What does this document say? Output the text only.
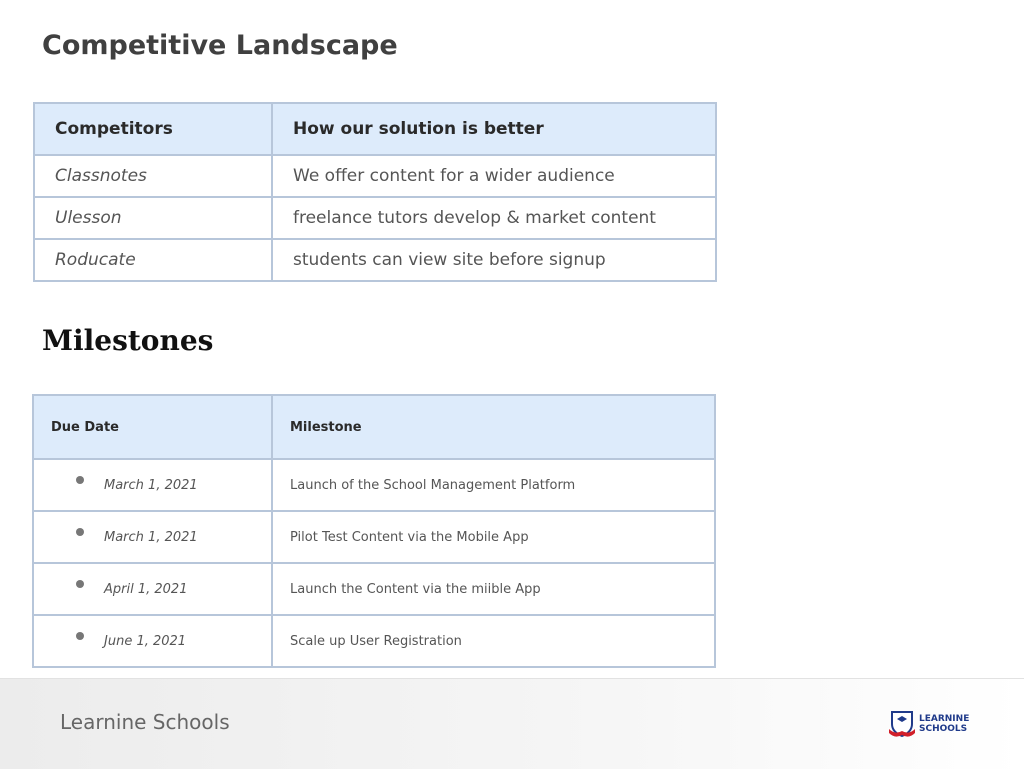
Competitive Landscape
Competitors	How our solution is better
Classnotes	We offer content for a wider audience
Ulesson	freelance tutors develop & market content
Roducate	students can view site before signup
Milestones
Due Date	Milestone

March 1, 2021	Launch of the School Management Platform

March 1, 2021	Pilot Test Content via the Mobile App

April 1, 2021	Launch the Content via the miible App

June 1, 2021	Scale up User Registration
Learnine Schools	LEARNINE
SCHOOLS
